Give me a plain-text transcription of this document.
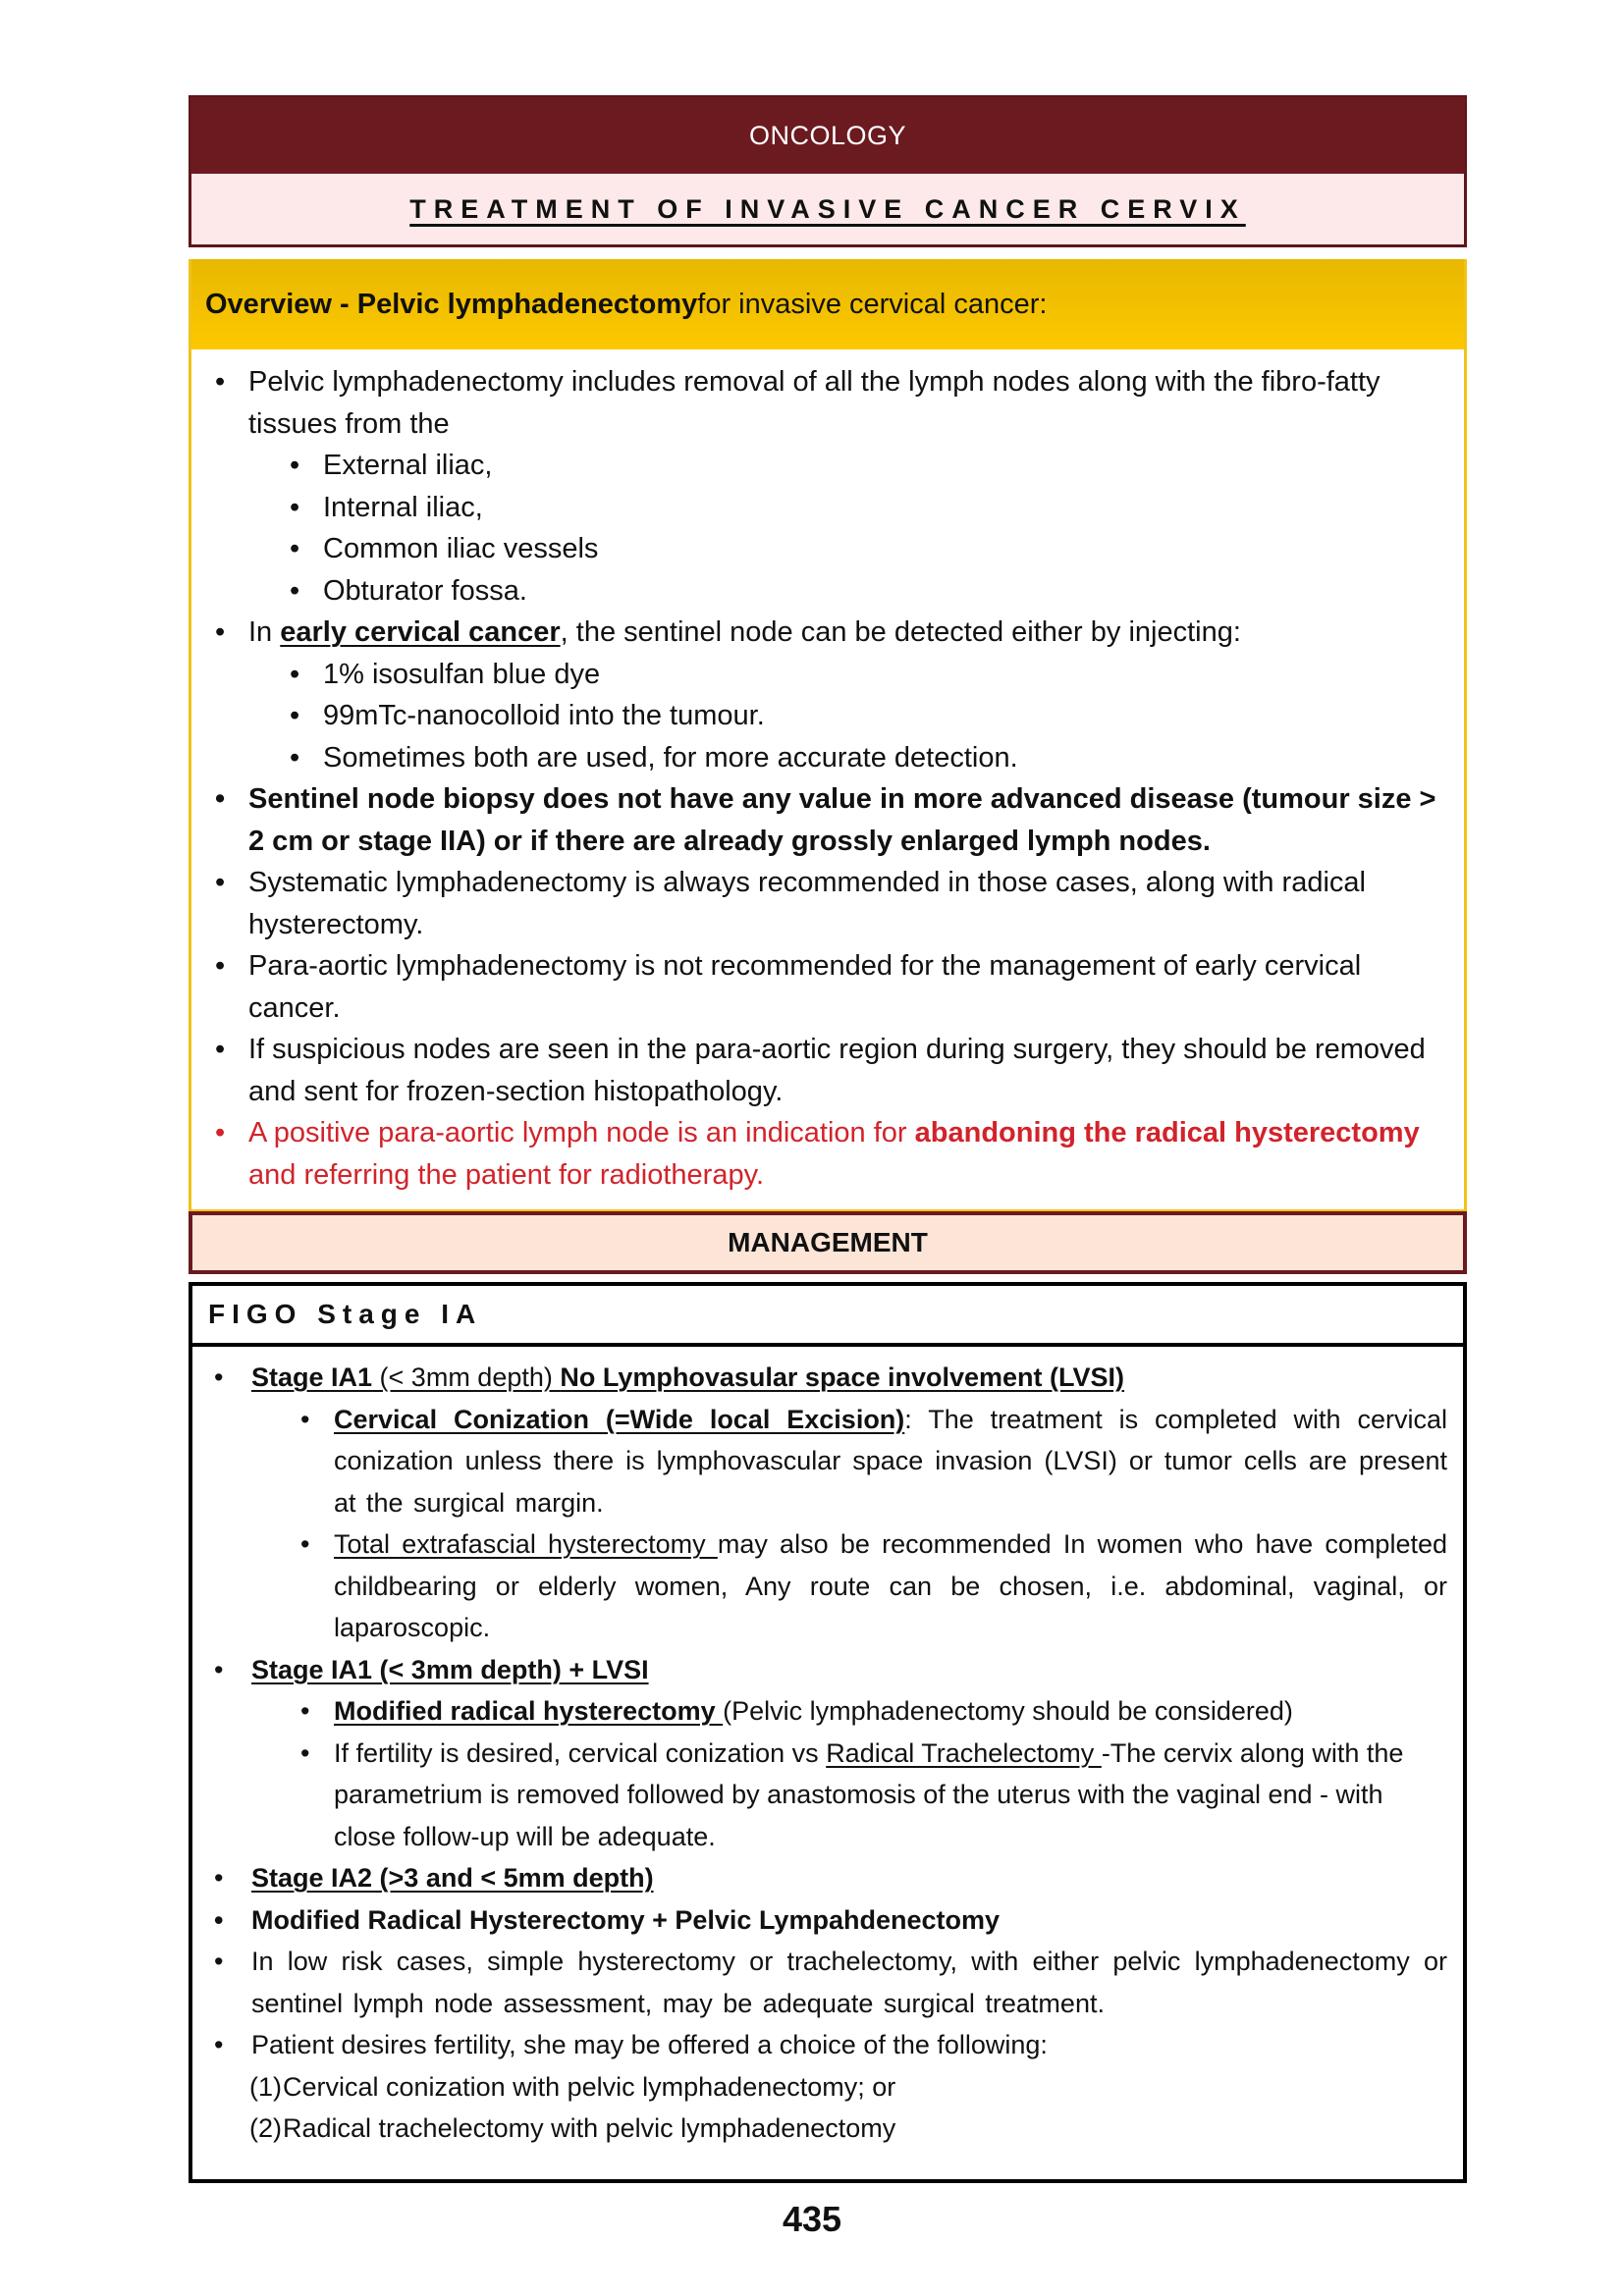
ONCOLOGY
TREATMENT OF INVASIVE CANCER CERVIX
Overview - Pelvic lymphadenectomy for invasive cervical cancer:
• Pelvic lymphadenectomy includes removal of all the lymph nodes along with the fibro-fatty tissues from the
• External iliac,
• Internal iliac,
• Common iliac vessels
• Obturator fossa.
• In early cervical cancer, the sentinel node can be detected either by injecting:
• 1% isosulfan blue dye
• 99mTc-nanocolloid into the tumour.
• Sometimes both are used, for more accurate detection.
• Sentinel node biopsy does not have any value in more advanced disease (tumour size > 2 cm or stage IIA) or if there are already grossly enlarged lymph nodes.
• Systematic lymphadenectomy is always recommended in those cases, along with radical hysterectomy.
• Para-aortic lymphadenectomy is not recommended for the management of early cervical cancer.
• If suspicious nodes are seen in the para-aortic region during surgery, they should be removed and sent for frozen-section histopathology.
• A positive para-aortic lymph node is an indication for abandoning the radical hysterectomy and referring the patient for radiotherapy.
MANAGEMENT
FIGO Stage IA
• Stage IA1 (< 3mm depth) No Lymphovasular space involvement (LVSI)
• Cervical Conization (=Wide local Excision): The treatment is completed with cervical conization unless there is lymphovascular space invasion (LVSI) or tumor cells are present at the surgical margin.
• Total extrafascial hysterectomy may also be recommended In women who have completed childbearing or elderly women, Any route can be chosen, i.e. abdominal, vaginal, or laparoscopic.
• Stage IA1 (< 3mm depth) + LVSI
• Modified radical hysterectomy (Pelvic lymphadenectomy should be considered)
• If fertility is desired, cervical conization vs Radical Trachelectomy -The cervix along with the parametrium is removed followed by anastomosis of the uterus with the vaginal end - with close follow-up will be adequate.
• Stage IA2 (>3 and < 5mm depth)
• Modified Radical Hysterectomy + Pelvic Lympahdenectomy
• In low risk cases, simple hysterectomy or trachelectomy, with either pelvic lymphadenectomy or sentinel lymph node assessment, may be adequate surgical treatment.
• Patient desires fertility, she may be offered a choice of the following:
(1) Cervical conization with pelvic lymphadenectomy; or
(2) Radical trachelectomy with pelvic lymphadenectomy
435
